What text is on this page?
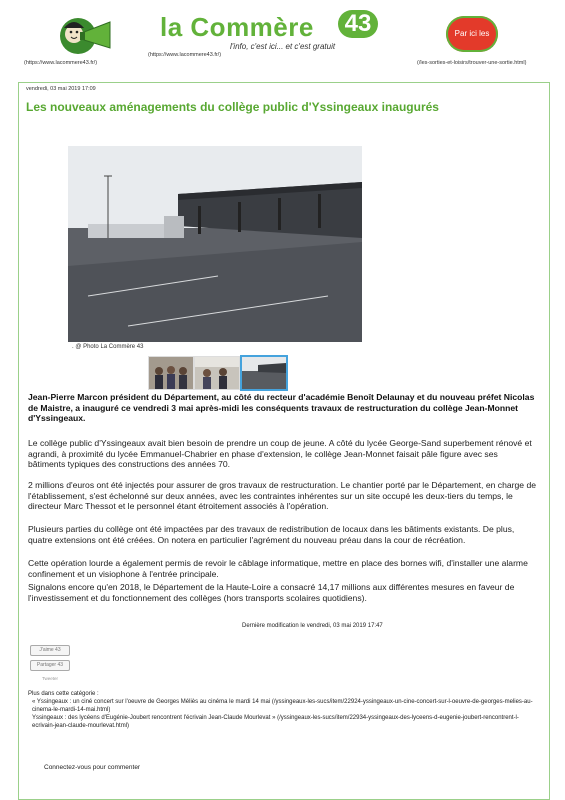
(https://www.lacommere43.fr/)
la Commère 43
l'info, c'est ici... et c'est gratuit
(https://www.lacommere43.fr/)
Par ici les sorties
(/les-sorties-et-loisirs/trouver-une-sortie.html)
vendredi, 03 mai 2019 17:09
Les nouveaux aménagements du collège public d'Yssingeaux inaugurés
. @ Photo La Commère 43

Jean-Pierre Marcon président du Département, au côté du recteur d'académie Benoît Delaunay et du nouveau préfet Nicolas de Maistre, a inauguré ce vendredi 3 mai après-midi les conséquents travaux de restructuration du collège Jean-Monnet d'Yssingeaux.

Le collège public d'Yssingeaux avait bien besoin de prendre un coup de jeune. A côté du lycée George-Sand superbement rénové et agrandi, à proximité du lycée Emmanuel-Chabrier en phase d'extension, le collège Jean-Monnet faisait pâle figure avec ses bâtiments typiques des constructions des années 70.

2 millions d'euros ont été injectés pour assurer de gros travaux de restructuration. Le chantier porté par le Département, en charge de l'établissement, s'est échelonné sur deux années, avec les contraintes inhérentes sur un site occupé les deux-tiers du temps, le directeur Marc Thessot et le personnel étant étroitement associés à l'opération.

Plusieurs parties du collège ont été impactées par des travaux de redistribution de locaux dans les bâtiments existants. De plus, quatre extensions ont été créées. On notera en particulier l'agrément du nouveau préau dans la cour de récréation.

Cette opération lourde a également permis de revoir le câblage informatique, mettre en place des bornes wifi, d'installer une alarme confinement et un visiophone à l'entrée principale.

Signalons encore qu'en 2018, le Département de la Haute-Loire a consacré 14,17 millions aux différentes mesures en faveur de l'investissement et du fonctionnement des collèges (hors transports scolaires quotidiens).

Dernière modification le vendredi, 03 mai 2019 17:47
J'aime 43
Partager 43
Tweeter
Plus dans cette catégorie :
« Yssingeaux : un ciné concert sur l'oeuvre de Georges Méliès au cinéma le mardi 14 mai (/yssingeaux-les-sucs/item/22924-yssingeaux-un-cine-concert-sur-l-oeuvre-de-georges-melies-au-cinema-le-mardi-14-mai.html)
Yssingeaux : des lycéens d'Eugénie-Joubert rencontrent l'écrivain Jean-Claude Mourlevat » (/yssingeaux-les-sucs/item/22934-yssingeaux-des-lyceens-d-eugenie-joubert-rencontrent-l-ecrivain-jean-claude-mourlevat.html)
Connectez-vous pour commenter
